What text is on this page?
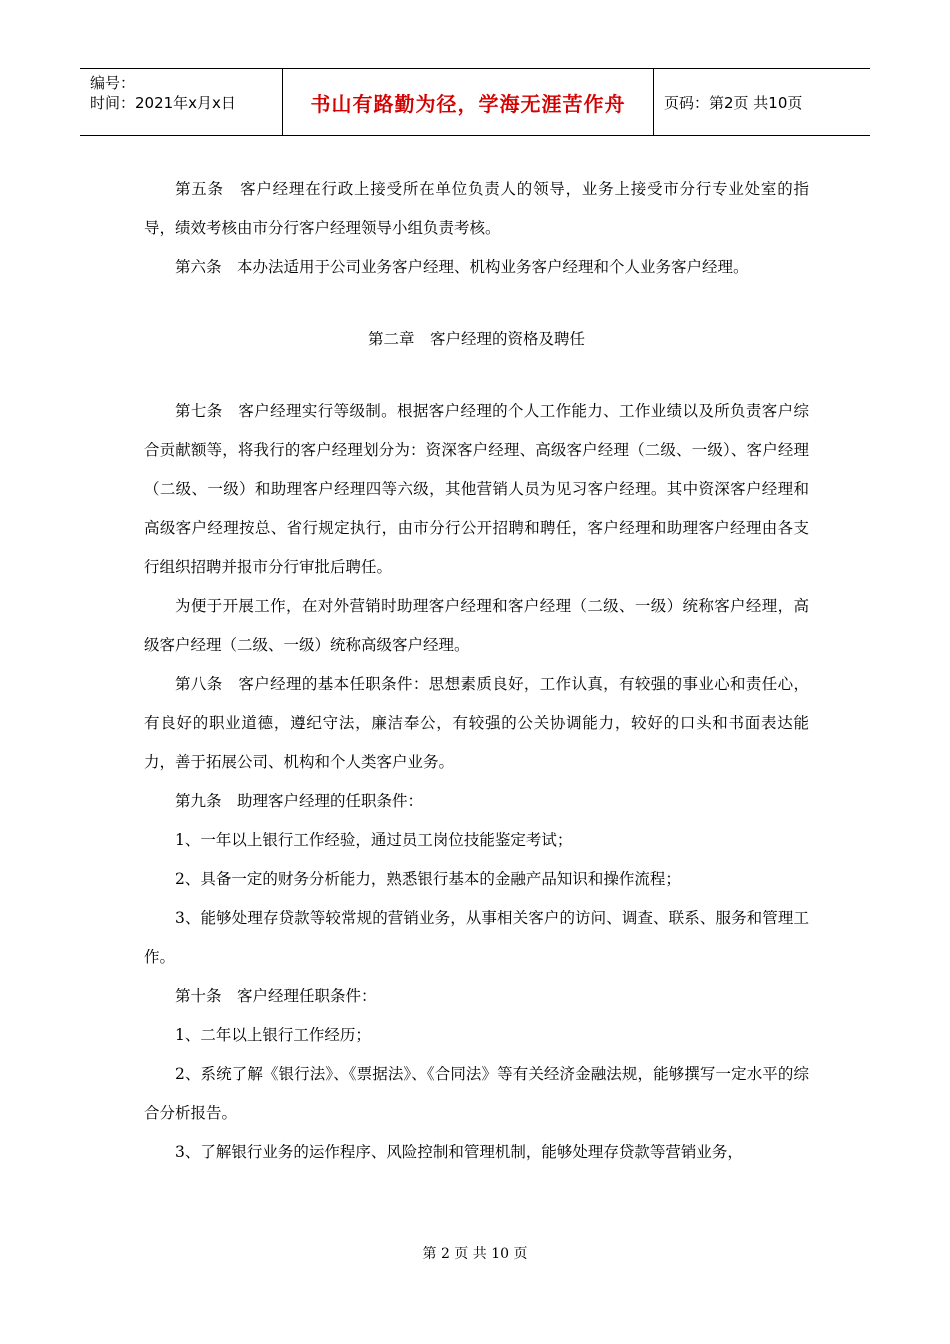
编号：
时间：2021年x月x日	书山有路勤为径，学海无涯苦作舟	页码：第2页 共10页

第五条　客户经理在行政上接受所在单位负责人的领导，业务上接受市分行专业处室的指导，绩效考核由市分行客户经理领导小组负责考核。

第六条　本办法适用于公司业务客户经理、机构业务客户经理和个人业务客户经理。

第二章　客户经理的资格及聘任

第七条　客户经理实行等级制。根据客户经理的个人工作能力、工作业绩以及所负责客户综合贡献额等，将我行的客户经理划分为：资深客户经理、高级客户经理（二级、一级）、客户经理（二级、一级）和助理客户经理四等六级，其他营销人员为见习客户经理。其中资深客户经理和高级客户经理按总、省行规定执行，由市分行公开招聘和聘任，客户经理和助理客户经理由各支行组织招聘并报市分行审批后聘任。

为便于开展工作，在对外营销时助理客户经理和客户经理（二级、一级）统称客户经理，高级客户经理（二级、一级）统称高级客户经理。

第八条　客户经理的基本任职条件：思想素质良好，工作认真，有较强的事业心和责任心，有良好的职业道德，遵纪守法，廉洁奉公，有较强的公关协调能力，较好的口头和书面表达能力，善于拓展公司、机构和个人类客户业务。

第九条　助理客户经理的任职条件：

1、一年以上银行工作经验，通过员工岗位技能鉴定考试；

2、具备一定的财务分析能力，熟悉银行基本的金融产品知识和操作流程；

3、能够处理存贷款等较常规的营销业务，从事相关客户的访问、调查、联系、服务和管理工作。

第十条　客户经理任职条件：

1、二年以上银行工作经历；

2、系统了解《银行法》、《票据法》、《合同法》等有关经济金融法规，能够撰写一定水平的综合分析报告。

3、了解银行业务的运作程序、风险控制和管理机制，能够处理存贷款等营销业务，

第 2 页 共 10 页
